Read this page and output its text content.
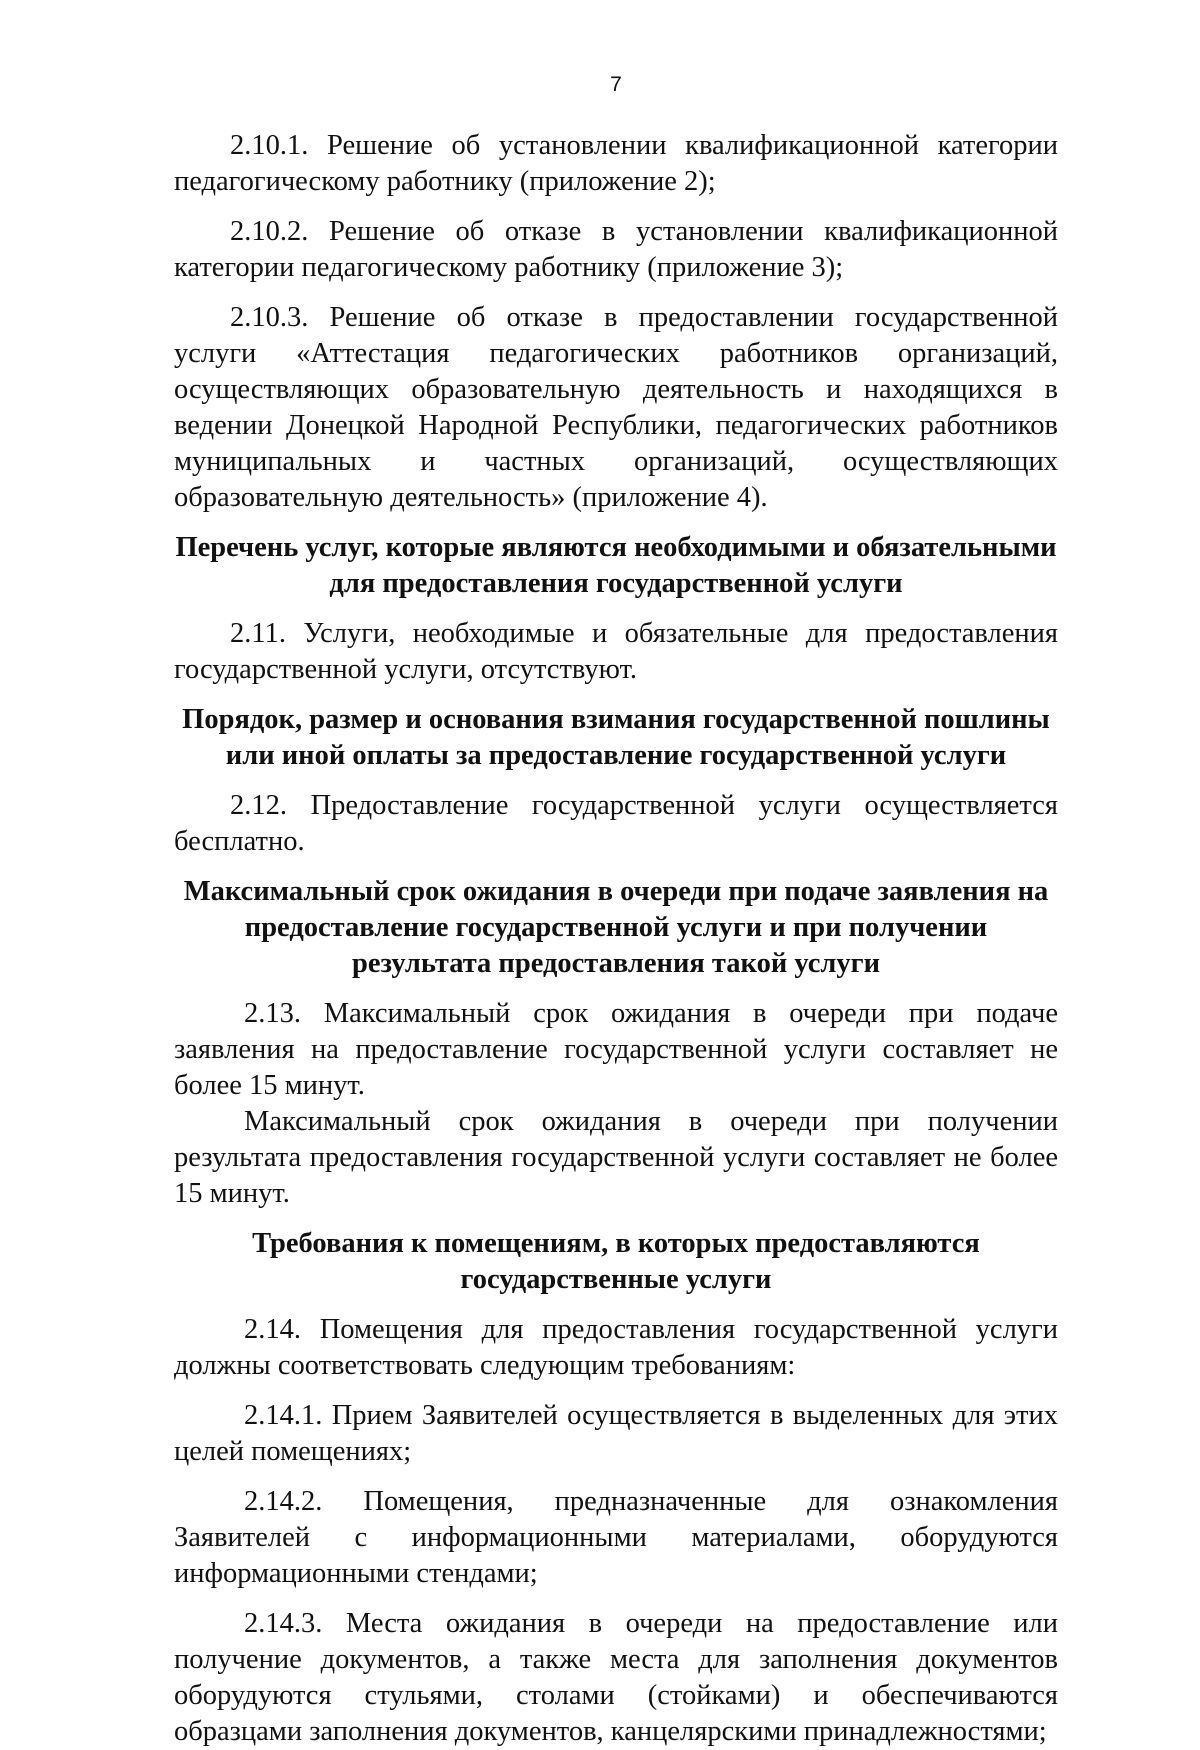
7

2.10.1. Решение об установлении квалификационной категории педагогическому работнику (приложение 2);

2.10.2. Решение об отказе в установлении квалификационной категории педагогическому работнику (приложение 3);

2.10.3. Решение об отказе в предоставлении государственной услуги «Аттестация педагогических работников организаций, осуществляющих образовательную деятельность и находящихся в ведении Донецкой Народной Республики, педагогических работников муниципальных и частных организаций, осуществляющих образовательную деятельность» (приложение 4).

Перечень услуг, которые являются необходимыми и обязательными для предоставления государственной услуги

2.11. Услуги, необходимые и обязательные для предоставления государственной услуги, отсутствуют.

Порядок, размер и основания взимания государственной пошлины или иной оплаты за предоставление государственной услуги

2.12. Предоставление государственной услуги осуществляется бесплатно.

Максимальный срок ожидания в очереди при подаче заявления на предоставление государственной услуги и при получении результата предоставления такой услуги

2.13. Максимальный срок ожидания в очереди при подаче заявления на предоставление государственной услуги составляет не более 15 минут.

Максимальный срок ожидания в очереди при получении результата предоставления государственной услуги составляет не более 15 минут.

Требования к помещениям, в которых предоставляются государственные услуги

2.14. Помещения для предоставления государственной услуги должны соответствовать следующим требованиям:

2.14.1. Прием Заявителей осуществляется в выделенных для этих целей помещениях;

2.14.2. Помещения, предназначенные для ознакомления Заявителей с информационными материалами, оборудуются информационными стендами;

2.14.3. Места ожидания в очереди на предоставление или получение документов, а также места для заполнения документов оборудуются стульями, столами (стойками) и обеспечиваются образцами заполнения документов, канцелярскими принадлежностями;
